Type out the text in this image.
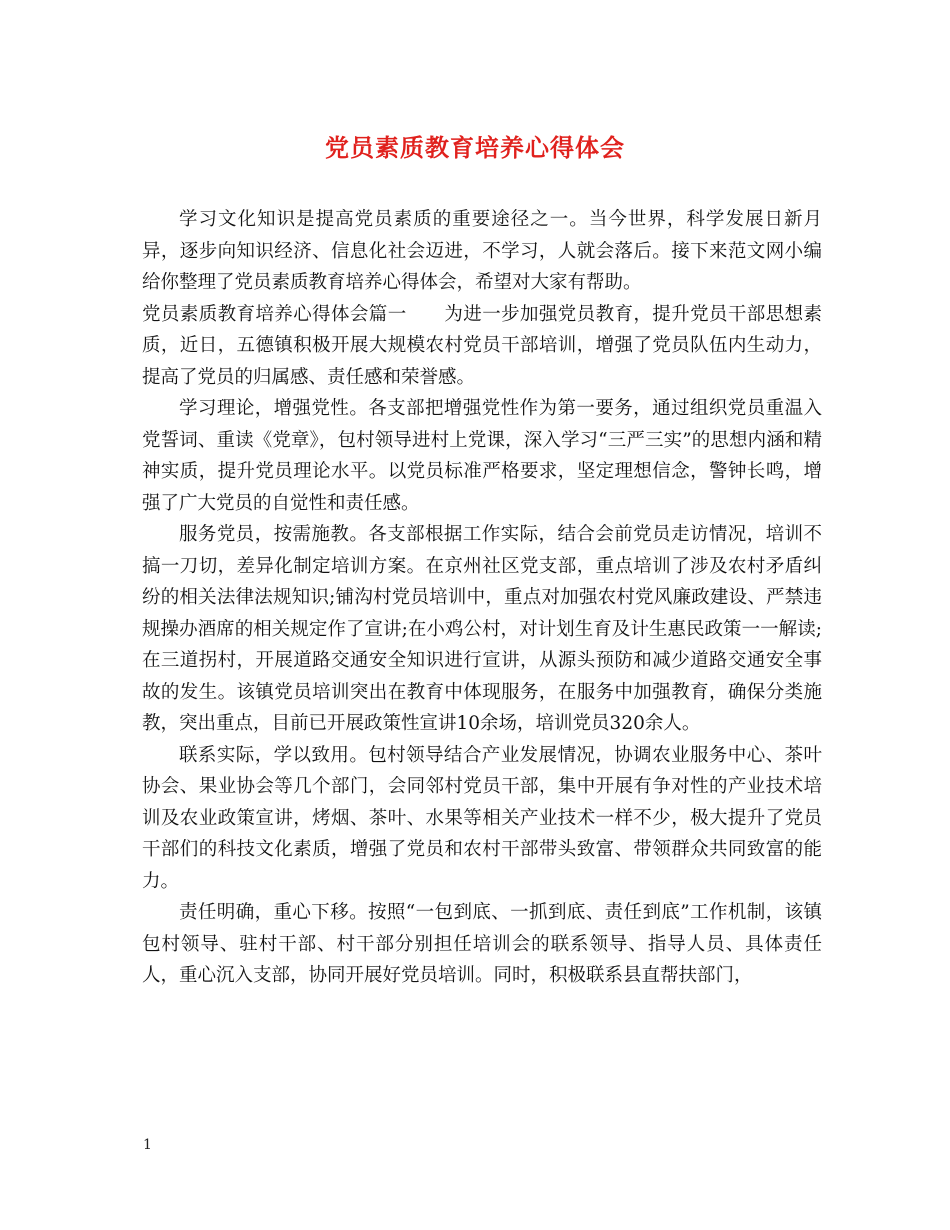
党员素质教育培养心得体会

学习文化知识是提高党员素质的重要途径之一。当今世界，科学发展日新月异，逐步向知识经济、信息化社会迈进，不学习，人就会落后。接下来范文网小编给你整理了党员素质教育培养心得体会，希望对大家有帮助。

党员素质教育培养心得体会篇一　　为进一步加强党员教育，提升党员干部思想素质，近日，五德镇积极开展大规模农村党员干部培训，增强了党员队伍内生动力，提高了党员的归属感、责任感和荣誉感。

学习理论，增强党性。各支部把增强党性作为第一要务，通过组织党员重温入党誓词、重读《党章》，包村领导进村上党课，深入学习“三严三实”的思想内涵和精神实质，提升党员理论水平。以党员标准严格要求，坚定理想信念，警钟长鸣，增强了广大党员的自觉性和责任感。

服务党员，按需施教。各支部根据工作实际，结合会前党员走访情况，培训不搞一刀切，差异化制定培训方案。在京州社区党支部，重点培训了涉及农村矛盾纠纷的相关法律法规知识;铺沟村党员培训中，重点对加强农村党风廉政建设、严禁违规操办酒席的相关规定作了宣讲;在小鸡公村，对计划生育及计生惠民政策一一解读;在三道拐村，开展道路交通安全知识进行宣讲，从源头预防和减少道路交通安全事故的发生。该镇党员培训突出在教育中体现服务，在服务中加强教育，确保分类施教，突出重点，目前已开展政策性宣讲10余场，培训党员320余人。

联系实际，学以致用。包村领导结合产业发展情况，协调农业服务中心、茶叶协会、果业协会等几个部门，会同邻村党员干部，集中开展有争对性的产业技术培训及农业政策宣讲，烤烟、茶叶、水果等相关产业技术一样不少，极大提升了党员干部们的科技文化素质，增强了党员和农村干部带头致富、带领群众共同致富的能力。

责任明确，重心下移。按照“一包到底、一抓到底、责任到底”工作机制，该镇包村领导、驻村干部、村干部分别担任培训会的联系领导、指导人员、具体责任人，重心沉入支部，协同开展好党员培训。同时，积极联系县直帮扶部门，

1
